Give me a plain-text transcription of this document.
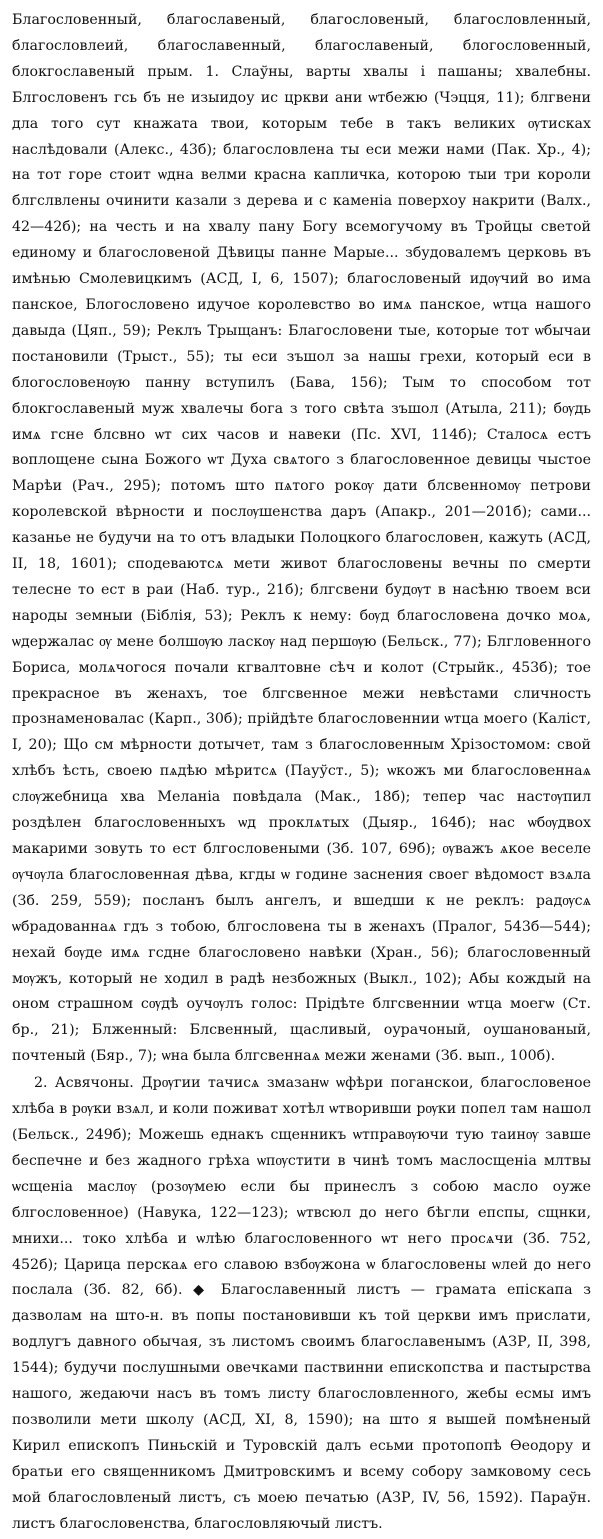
Благословенный, благославеный, благословеный, благословленный, благословлеий, благославенный, благославеный, блогословенный, блокгославеный прым. 1. Слаўны, варты хвалы і пашаны; хвалебны. Блгословенъ гсь бъ не изыидоу ис цркви ани ѡтбежю (Чэцця, 11); блгвени дла того сут кнажата твои, которым тебе в такъ великих ѹтисках наслѣдовали (Алекс., 43б); благословлена ты еси межи нами (Пак. Хр., 4); на тот горе стоит ѡдна велми красна капличка, которою тыи три короли блгслвлены очинити казали з дерева и с каменіа поверхоу накрити (Валх., 42—42б); на честь и на хвалу пану Богу всемогучому въ Тройцы светой единому и благословеной Дѣвицы панне Марые... збудовалемъ церковь въ имѣнью Смолевицкимъ (АСД, І, 6, 1507); благословеный идѹчий во има панское, Блогословено идучое королевство во имѧ панское, ѡтца нашого давыда (Цяп., 59); Реклъ Трыщанъ: Благословени тые, которые тот ѡбычаи постановили (Трыст., 55); ты еси зъшол за нашы грехи, который еси в блогословенѹю панну вступилъ (Бава, 156); Тым то способом тот блокгославеный муж хвалечы бога з того свѣта зъшол (Атыла, 211); бѹдь имѧ гсне блсвно ѡт сих часов и навеки (Пс. XVI, 114б); Сталосѧ естъ воплощене сына Божого ѡт Духа свѧтого з благословенное девицы чыстое Марѣи (Рач., 295); потомъ што пѧтого рокѹ дати блсвенномѹ петрови королевской вѣрности и послѹшенства даръ (Апакр., 201—201б); сами... казанье не будучи на то отъ владыки Полоцкого благословен, кажуть (АСД, ІІ, 18, 1601); сподеваютсѧ мети живот благословены вечны по смерти телесне то ест в раи (Наб. тур., 21б); блгсвени будѹт в насѣню твоем вси народы земныи (Біблія, 53); Реклъ к нему: бѹд благословена дочко моѧ, ѡдержалас ѹ мене болшѹю ласкѹ над першѹю (Бельск., 77); Блгловенного Бориса, молѧчогося почали кгвалтовне сѣч и колот (Стрыйк., 453б); тое прекрасное въ женахъ, тое блгсвенное межи невѣстами сличность прознаменовалас (Карп., 30б); прійдѣте благословеннии ѡтца моего (Каліст, І, 20); Що см мѣрности дотычет, там з благословенным Хрізостомом: свой хлѣбъ ѣсть, своею пѧдѣю мѣритсѧ (Пауўст., 5); ѡкожъ ми благословеннаѧ слѹжебница хва Меланіа повѣдала (Мак., 18б); тепер час настѹпил роздѣлен благословенныхъ ѡд проклѧтых (Дыяр., 164б); нас ѡбѹдвох макарими зовуть то ест блгословеными (Зб. 107, 69б); ѹважъ ѧкое веселе ѹчѹла благословенная дѣва, кгды ѡ године заснения своег вѣдомост взѧла (Зб. 259, 559); посланъ былъ ангелъ, и вшедши к не реклъ: радѹсѧ ѡбрадованнаѧ гдъ з тобою, блгословена ты в женахъ (Пралог, 543б—544); нехай бѹде имѧ гсдне благословено навѣки (Хран., 56); благословенный мѹжъ, который не ходил в радѣ незбожных (Выкл., 102); Абы кождый на оном страшном сѹдѣ оучѹлъ голос: Прідѣте блгсвеннии ѡтца моегѡ (Ст. бр., 21); Блженный: Блсвенный, щасливый, оурачоный, оушанованый, почтеный (Бяр., 7); ѡна была блгсвеннаѧ межи женами (Зб. вып., 100б).

2. Асвячоны. Дрѹгии тачисѧ змазанѡ ѡфѣри поганскои, благословеное хлѣба в рѹки взѧл, и коли поживат хотѣл ѡтворивши рѹки попел там нашол (Бельск., 249б); Можешь еднакъ сщенникъ ѡтправѹючи тую таинѹ завше беспечне и без жадного грѣха ѡпѹстити в чинѣ томъ маслосщеніа млтвы ѡсщеніа маслѹ (розѹмею если бы принеслъ з собою масло оуже блгословенное) (Навука, 122—123); ѡтвсюл до него бѣгли епспы, сщнки, мнихи... токо хлѣба и ѡлѣю благословенного ѡт него просѧчи (Зб. 752, 452б); Царица перскаѧ его славою взбѹжона ѡ благословены ѡлей до него послала (Зб. 82, 6б). ◆ Благославенный листъ — грамата епіскапа з дазволам на што-н. въ попы постановивши къ той церкви имъ прислати, водлугъ давного обычая, зъ листомъ своимъ благославенымъ (АЗР, ІІ, 398, 1544); будучи послушными овечками паствинни епископства и пастырства нашого, жедаючи насъ въ томъ листу благословленного, жебы есмы имъ позволили мети школу (АСД, ХІ, 8, 1590); на што я вышей помѣненый Кирил епископъ Пиньскій и Туровскій далъ есьми протопопѣ Ѳеодору и братьи его священникомъ Дмитровскимъ и всему собору замковому сесь мой благословленый листъ, съ моею печатью (АЗР, ІV, 56, 1592). Параўн. листъ благословенства, благословляючый листъ.
